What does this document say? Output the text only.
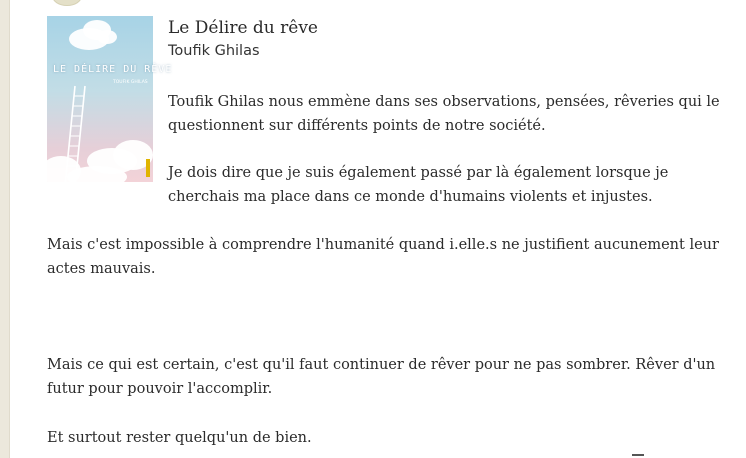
LE DÉLIRE DU RÊVE
TOUFIK GHILAS
Le Délire du rêve
Toufik Ghilas

Toufik Ghilas nous emmène dans ses observations, pensées, rêveries qui le questionnent sur différents points de notre société.

Je dois dire que je suis également passé par là également lorsque je cherchais ma place dans ce monde d'humains violents et injustes.

Mais c'est impossible à comprendre l'humanité quand i.elle.s ne justifient aucunement leur actes mauvais.

Mais ce qui est certain, c'est qu'il faut continuer de rêver pour ne pas sombrer. Rêver d'un futur pour pouvoir l'accomplir.

Et surtout rester quelqu'un de bien.
